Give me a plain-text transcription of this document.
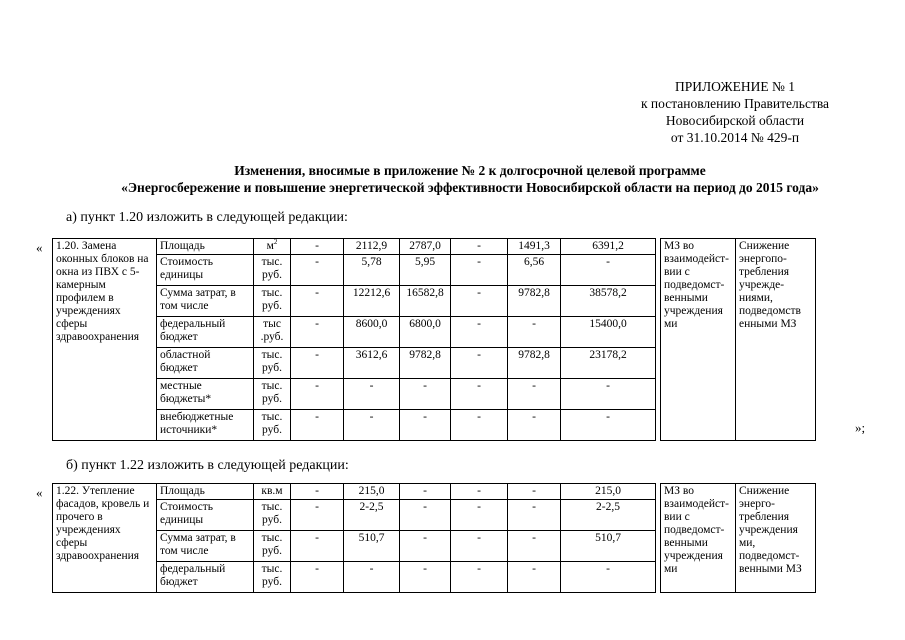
ПРИЛОЖЕНИЕ № 1
к постановлению Правительства
Новосибирской области
от 31.10.2014 № 429-п
Изменения, вносимые в приложение № 2 к долгосрочной целевой программе
«Энергосбережение и повышение энергетической эффективности Новосибирской области на период до 2015 года»
а) пункт 1.20 изложить в следующей редакции:
«
»;
1.20. Замена оконных блоков на окна из ПВХ с 5-камерным профилем в учреждениях сферы здравоохранения	Площадь	$м^2$	-	2112,9	2787,0	-	1491,3	6391,2		МЗ во взаимодейст-вии с подведомст-венными учреждения ми	Снижение энергопо-требления учрежде-ниями, подведомств енными МЗ
	Стоимость единицы	тыс. руб.	-	5,78	5,95	-	6,56	-			
	Сумма затрат, в том числе	тыс. руб.	-	12212,6	16582,8	-	9782,8	38578,2			
	федеральный бюджет	тыс .руб.	-	8600,0	6800,0	-	-	15400,0			
	областной бюджет	тыс. руб.	-	3612,6	9782,8	-	9782,8	23178,2			
	местные бюджеты*	тыс. руб.	-	-	-	-	-	-			
	внебюджетные источники*	тыс. руб.	-	-	-	-	-	-			
б) пункт 1.22 изложить в следующей редакции:
« 1.22. Утепление фасадов, кровель и прочего в учреждениях сферы здравоохранения	Площадь	кв.м	-	215,0	-	-	-	215,0		МЗ во взаимодейст-вии с подведомст-венными учреждения ми	Снижение энерго-требления учреждения ми, подведомст-венными МЗ
	Стоимость единицы	тыс. руб.	-	2-2,5	-	-	-	2-2,5			
	Сумма затрат, в том числе	тыс. руб.	-	510,7	-	-	-	510,7			
	федеральный бюджет	тыс. руб.	-	-	-	-	-	-			
